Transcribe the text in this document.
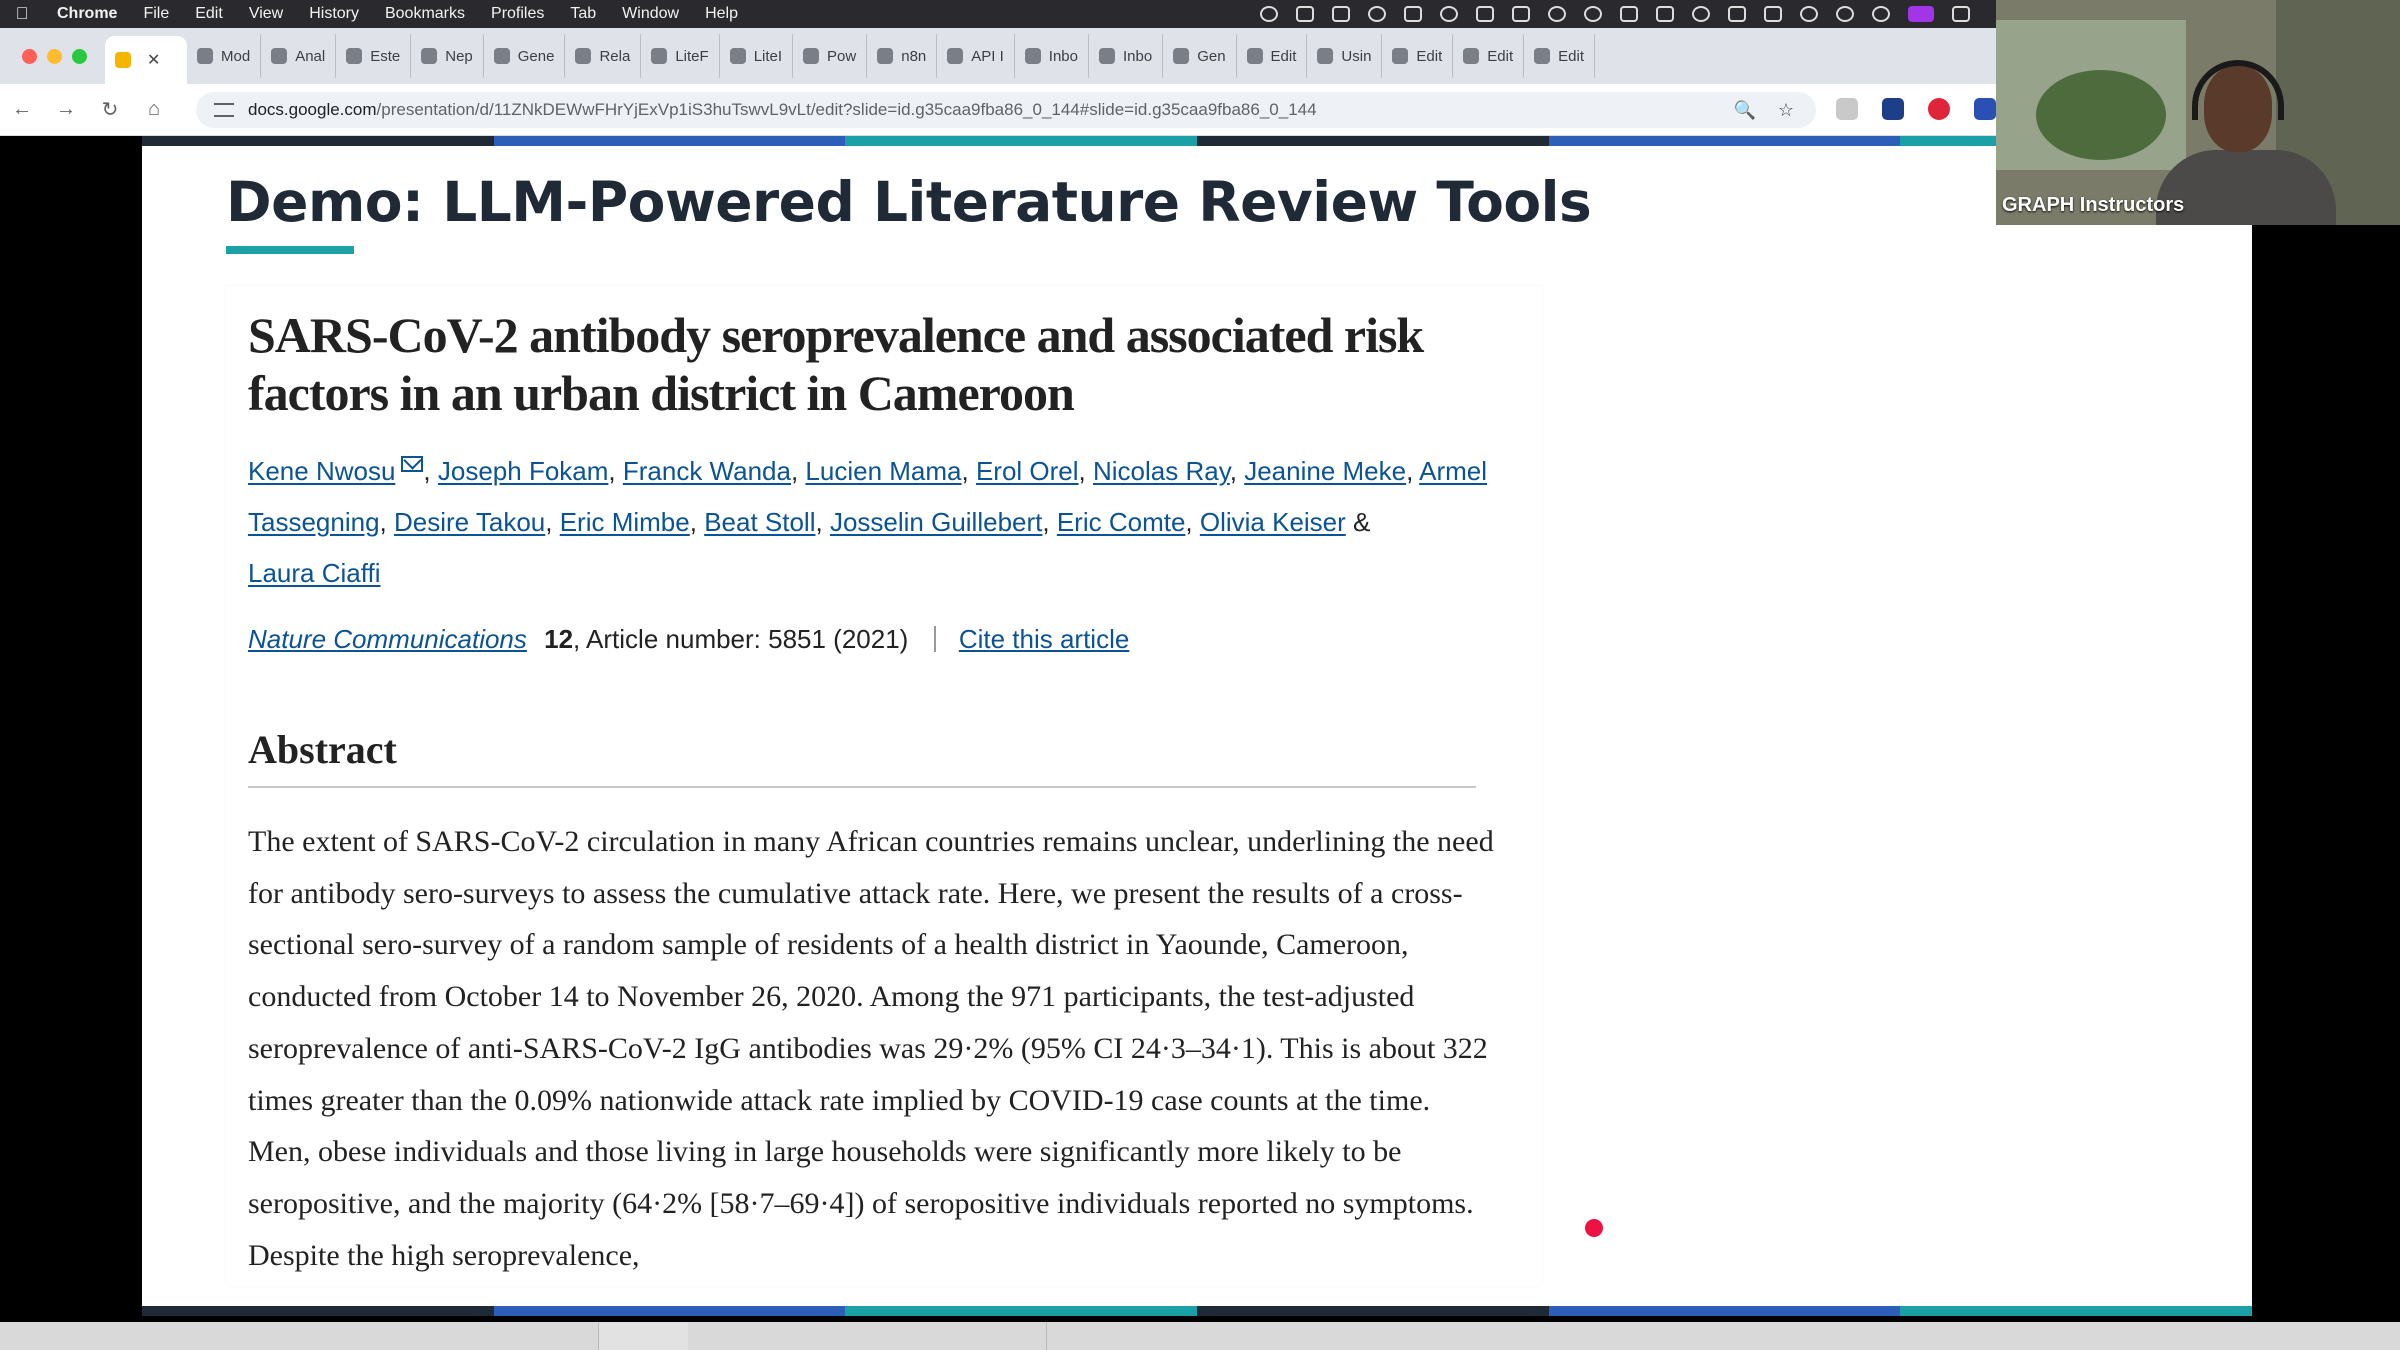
Chrome	File	Edit	View	History	Bookmarks	Profiles	Tab	Window	Help
✕	Mod	Anal	Este	Nep	Gene	Rela	LiteF	LiteI	Pow	n8n	API I	Inbo	Inbo	Gen	Edit	Usin	Edit	Edit	Edit
←	→	↻	⌂	docs.google.com /presentation/d/11ZNkDEWwFHrYjExVp1iS3huTswvL9vLt/edit?slide=id.g35caa9fba86_0_144#slide=id.g35caa9fba86_0_144	🔍 ☆
Demo: LLM-Powered Literature Review Tools
SARS-CoV-2 antibody seroprevalence and associated risk factors in an urban district in Cameroon
Kene Nwosu , Joseph Fokam, Franck Wanda, Lucien Mama, Erol Orel, Nicolas Ray, Jeanine Meke, Armel Tassegning, Desire Takou, Eric Mimbe, Beat Stoll, Josselin Guillebert, Eric Comte, Olivia Keiser &
Laura Ciaffi
Nature Communications 12, Article number: 5851 (2021) Cite this article
Abstract
The extent of SARS-CoV-2 circulation in many African countries remains unclear, underlining the need for antibody sero-surveys to assess the cumulative attack rate. Here, we present the results of a cross-sectional sero-survey of a random sample of residents of a health district in Yaounde, Cameroon, conducted from October 14 to November 26, 2020. Among the 971 participants, the test-adjusted seroprevalence of anti-SARS-CoV-2 IgG antibodies was 29·2% (95% CI 24·3–34·1). This is about 322 times greater than the 0.09% nationwide attack rate implied by COVID-19 case counts at the time. Men, obese individuals and those living in large households were significantly more likely to be seropositive, and the majority (64·2% [58·7–69·4]) of seropositive individuals reported no symptoms. Despite the high seroprevalence,
GRAPH Instructors
